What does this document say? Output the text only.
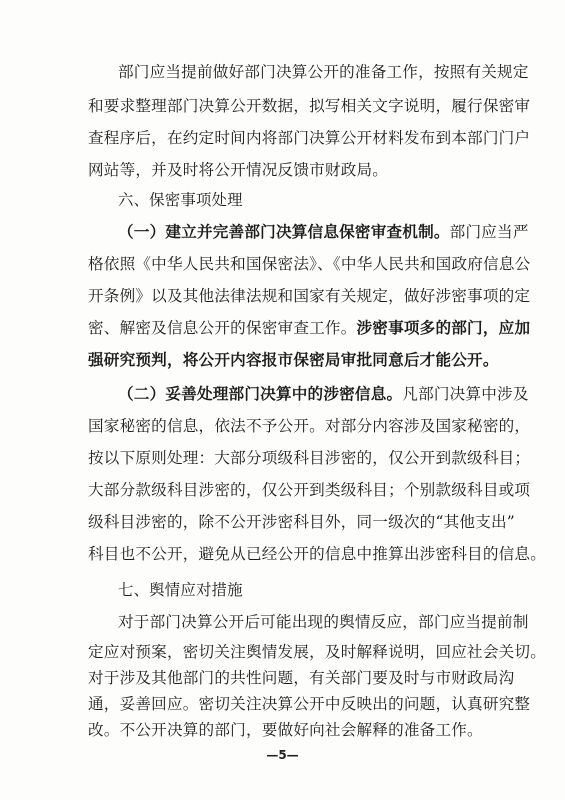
部门应当提前做好部门决算公开的准备工作，按照有关规定
和要求整理部门决算公开数据，拟写相关文字说明，履行保密审
查程序后，在约定时间内将部门决算公开材料发布到本部门门户
网站等，并及时将公开情况反馈市财政局。
六、保密事项处理
（一）建立并完善部门决算信息保密审查机制。部门应当严
格依照《中华人民共和国保密法》、《中华人民共和国政府信息公
开条例》以及其他法律法规和国家有关规定，做好涉密事项的定
密、解密及信息公开的保密审查工作。涉密事项多的部门，应加
强研究预判，将公开内容报市保密局审批同意后才能公开。
（二）妥善处理部门决算中的涉密信息。凡部门决算中涉及
国家秘密的信息，依法不予公开。对部分内容涉及国家秘密的，
按以下原则处理：大部分项级科目涉密的，仅公开到款级科目；
大部分款级科目涉密的，仅公开到类级科目；个别款级科目或项
级科目涉密的，除不公开涉密科目外，同一级次的“其他支出”
科目也不公开，避免从已经公开的信息中推算出涉密科目的信息。
七、舆情应对措施
对于部门决算公开后可能出现的舆情反应，部门应当提前制
定应对预案，密切关注舆情发展，及时解释说明，回应社会关切。
—5—
对于涉及其他部门的共性问题，有关部门要及时与市财政局沟
通，妥善回应。密切关注决算公开中反映出的问题，认真研究整
改。不公开决算的部门，要做好向社会解释的准备工作。
